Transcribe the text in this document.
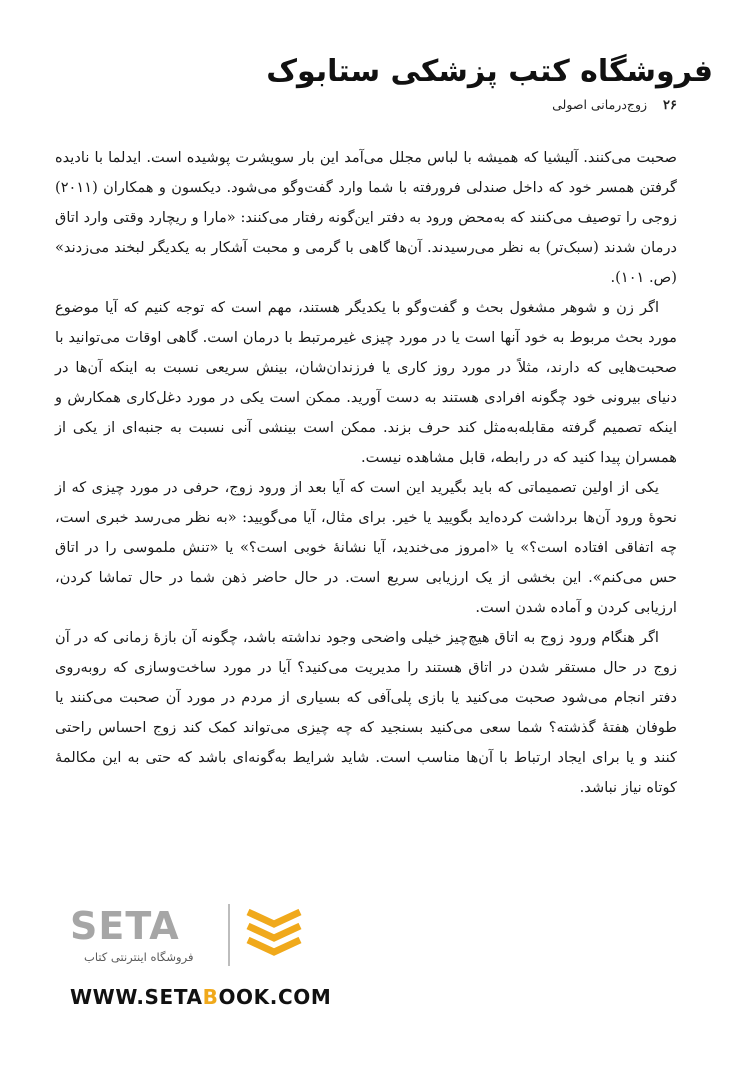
فروشگاه کتب پزشکی ستابوک
۲۶ زوج‌درمانی اصولی

صحبت می‌کنند. آلیشیا که همیشه با لباس مجلل می‌آمد این بار سویشرت پوشیده است. ایدلما با نادیده گرفتن همسر خود که داخل صندلی فرورفته با شما وارد گفت‌وگو می‌شود. دیکسون و همکاران (۲۰۱۱) زوجی را توصیف می‌کنند که به‌محض ورود به دفتر این‌گونه رفتار می‌کنند: «مارا و ریچارد وقتی وارد اتاق درمان شدند (سبک‌تر) به نظر می‌رسیدند. آن‌ها گاهی با گرمی و محبت آشکار به یکدیگر لبخند می‌زدند» (ص. ۱۰۱).

اگر زن و شوهر مشغول بحث و گفت‌وگو با یکدیگر هستند، مهم است که توجه کنیم که آیا موضوع مورد بحث مربوط به خود آنها است یا در مورد چیزی غیرمرتبط با درمان است. گاهی اوقات می‌توانید با صحبت‌هایی که دارند، مثلاً در مورد روز کاری یا فرزندان‌شان، بینش سریعی نسبت به اینکه آن‌ها در دنیای بیرونی خود چگونه افرادی هستند به دست آورید. ممکن است یکی در مورد دغل‌کاری همکارش و اینکه تصمیم گرفته مقابله‌به‌مثل کند حرف بزند. ممکن است بینشی آنی نسبت به جنبه‌ای از یکی از همسران پیدا کنید که در رابطه، قابل مشاهده نیست.

یکی از اولین تصمیماتی که باید بگیرید این است که آیا بعد از ورود زوج، حرفی در مورد چیزی که از نحوهٔ ورود آن‌ها برداشت کرده‌اید بگویید یا خیر. برای مثال، آیا می‌گویید: «به نظر می‌رسد خبری است، چه اتفاقی افتاده است؟» یا «امروز می‌خندید، آیا نشانهٔ خوبی است؟» یا «تنش ملموسی را در اتاق حس می‌کنم». این بخشی از یک ارزیابی سریع است. در حال حاضر ذهن شما در حال تماشا کردن، ارزیابی کردن و آماده شدن است.

اگر هنگام ورود زوج به اتاق هیچ‌چیز خیلی واضحی وجود نداشته باشد، چگونه آن بازهٔ زمانی که در آن زوج در حال مستقر شدن در اتاق هستند را مدیریت می‌کنید؟ آیا در مورد ساخت‌وسازی که روبه‌روی دفتر انجام می‌شود صحبت می‌کنید یا بازی پلی‌آفی که بسیاری از مردم در مورد آن صحبت می‌کنند یا طوفان هفتهٔ گذشته؟ شما سعی می‌کنید بسنجید که چه چیزی می‌تواند کمک کند زوج احساس راحتی کنند و یا برای ایجاد ارتباط با آن‌ها مناسب است. شاید شرایط به‌گونه‌ای باشد که حتی به این مکالمهٔ کوتاه نیاز نباشد.

SETA
فروشگاه اینترنتی کتاب
WWW.SETABOOK.COM
